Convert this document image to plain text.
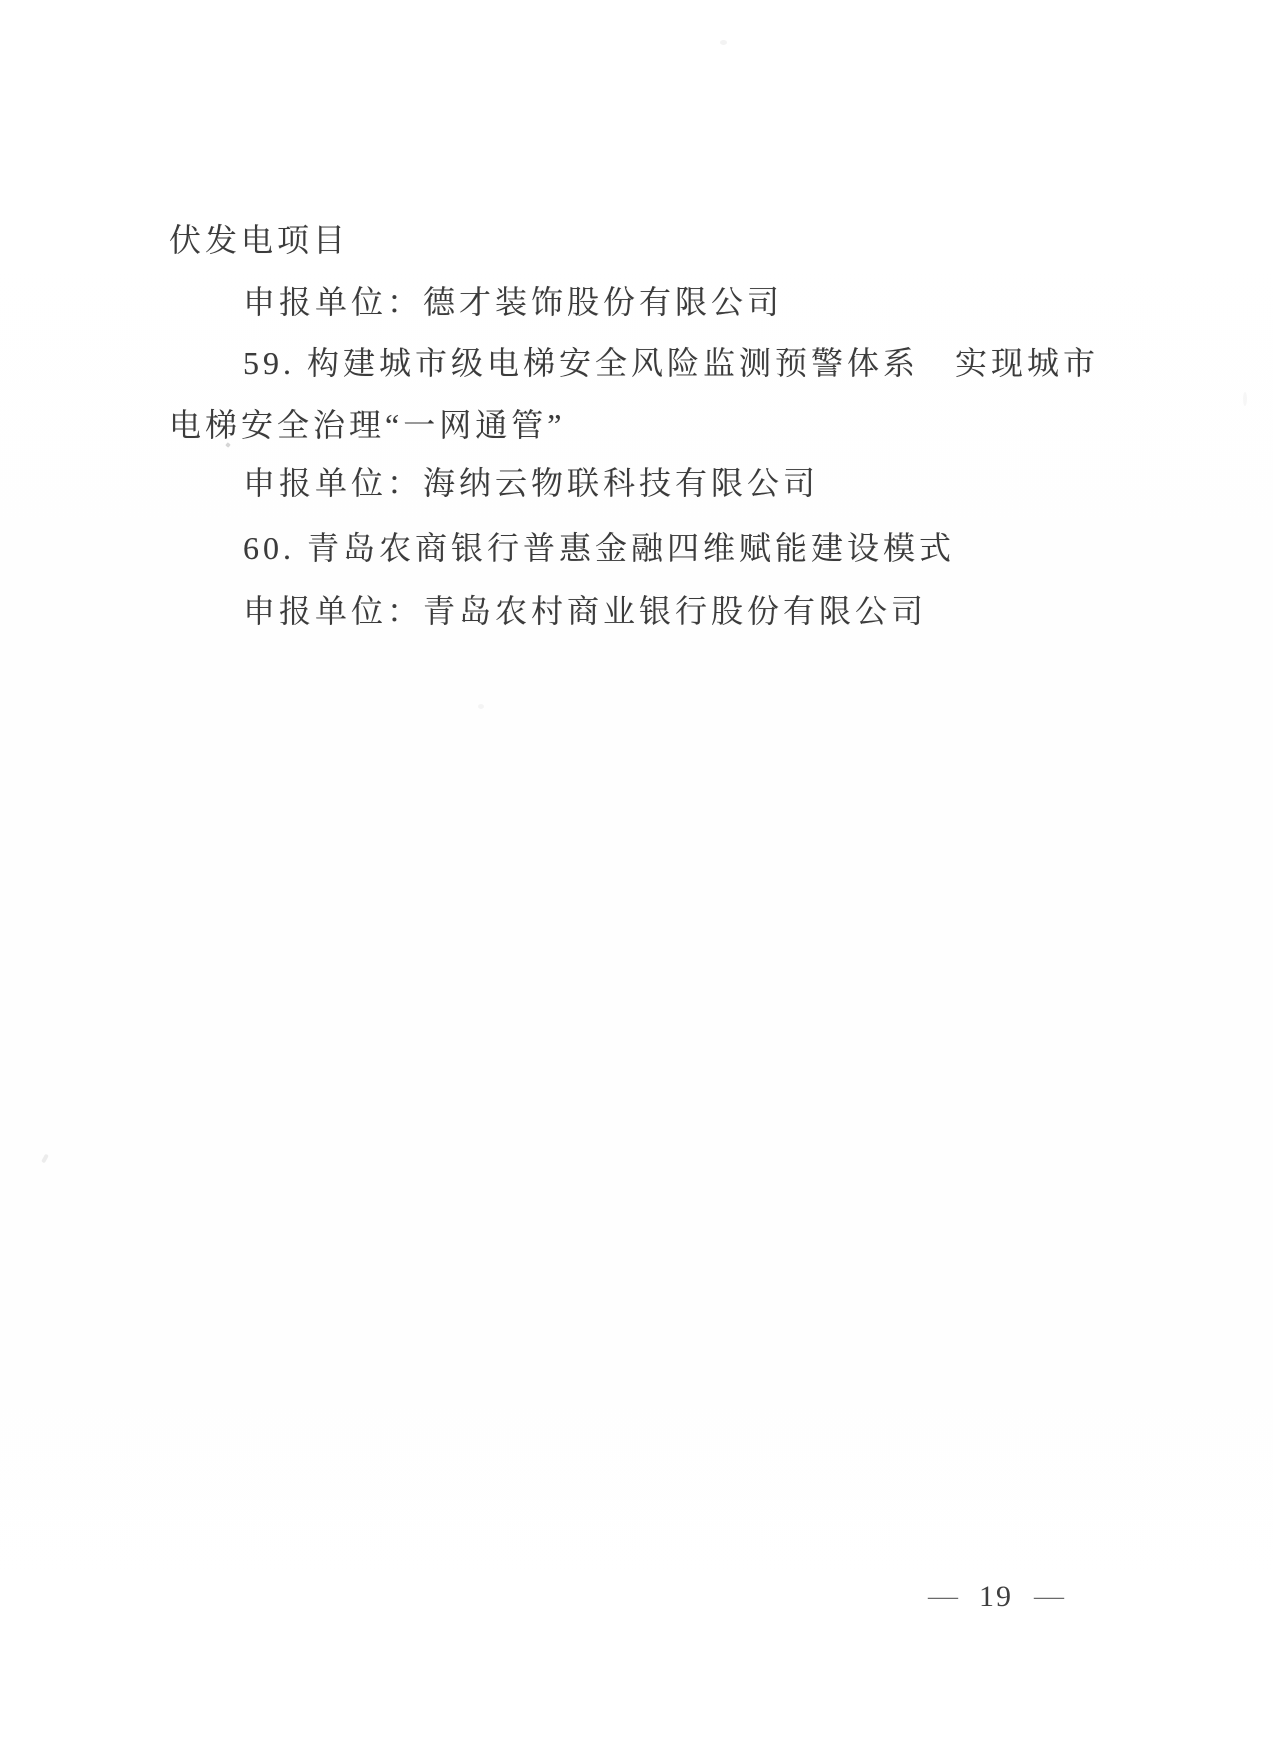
伏发电项目
申报单位：德才装饰股份有限公司
59. 构建城市级电梯安全风险监测预警体系　实现城市
电梯安全治理“一网通管”
申报单位：海纳云物联科技有限公司
60. 青岛农商银行普惠金融四维赋能建设模式
申报单位：青岛农村商业银行股份有限公司
— 19 —
